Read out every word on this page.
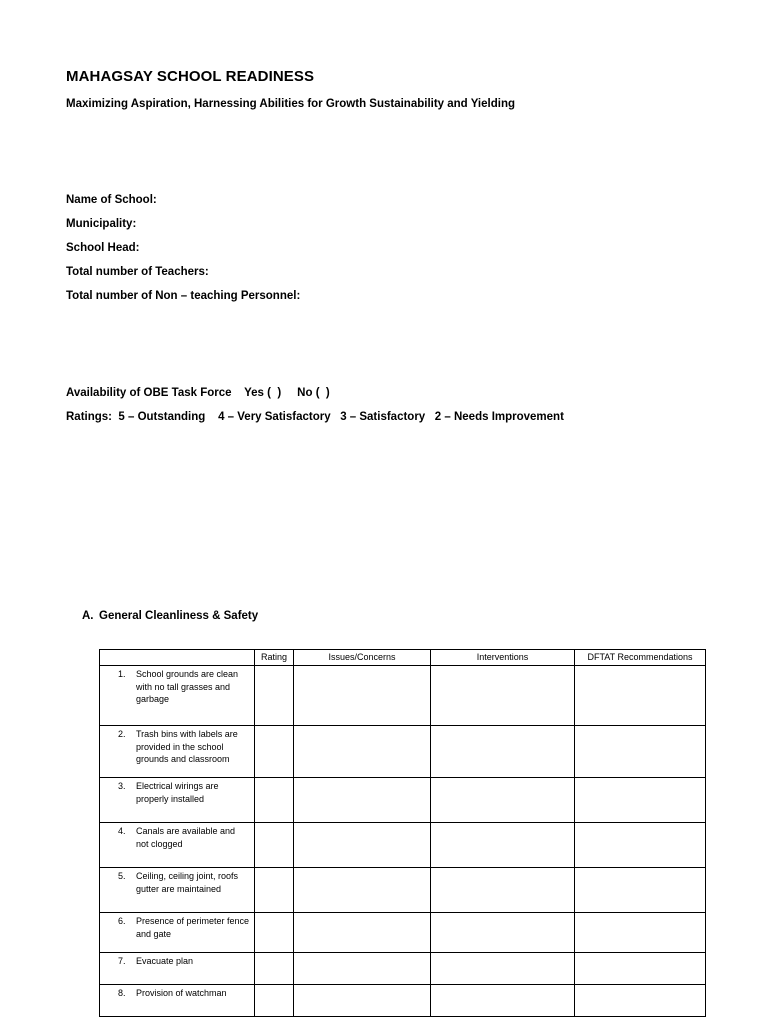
MAHAGSAY SCHOOL READINESS
Maximizing Aspiration, Harnessing Abilities for Growth Sustainability and Yielding
Name of School:
Municipality:
School Head:
Total number of Teachers:
Total number of Non – teaching Personnel:
Availability of OBE Task Force Yes (  ) No (  )
Ratings: 5 – Outstanding 4 – Very Satisfactory 3 – Satisfactory 2 – Needs Improvement
A. General Cleanliness & Safety
	Rating	Issues/Concerns	Interventions	DFTAT Recommendations

1. School grounds are clean with no tall grasses and garbage				

2. Trash bins with labels are provided in the school grounds and classroom				

3. Electrical wirings are properly installed				

4. Canals are available and not clogged				

5. Ceiling, ceiling joint, roofs gutter are maintained				

6. Presence of perimeter fence and gate				

7. Evacuate plan				

8. Provision of watchman				
